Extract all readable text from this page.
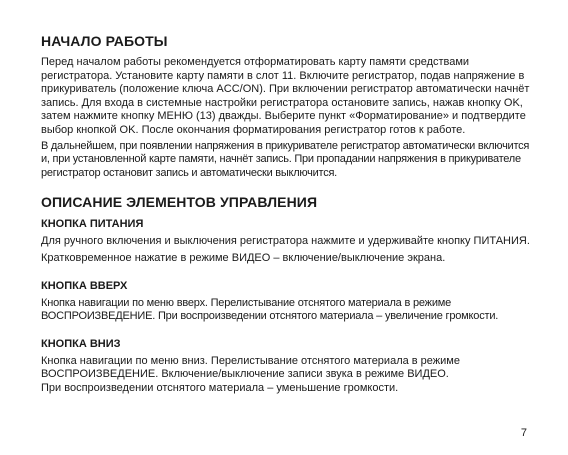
НАЧАЛО РАБОТЫ

Перед началом работы рекомендуется отформатировать карту памяти средствами регистратора. Установите карту памяти в слот 11. Включите регистратор, подав напряжение в прикуриватель (положение ключа ACC/ON). При включении регистратор автоматически начнёт запись. Для входа в системные настройки регистратора остановите запись, нажав кнопку OK, затем нажмите кнопку МЕНЮ (13) дважды. Выберите пункт «Форматирование» и подтвердите выбор кнопкой OK. После окончания форматирования регистратор готов к работе.

В дальнейшем, при появлении напряжения в прикуривателе регистратор автоматически включится и, при установленной карте памяти, начнёт запись. При пропадании напряжения в прикуривателе регистратор остановит запись и автоматически выключится.

ОПИСАНИЕ ЭЛЕМЕНТОВ УПРАВЛЕНИЯ
КНОПКА ПИТАНИЯ

Для ручного включения и выключения регистратора нажмите и удерживайте кнопку ПИТАНИЯ.

Кратковременное нажатие в режиме ВИДЕО – включение/выключение экрана.

КНОПКА ВВЕРХ

Кнопка навигации по меню вверх. Перелистывание отснятого материала в режиме ВОСПРОИЗВЕДЕНИЕ. При воспроизведении отснятого материала – увеличение громкости.

КНОПКА ВНИЗ

Кнопка навигации по меню вниз. Перелистывание отснятого материала в режиме ВОСПРОИЗВЕДЕНИЕ. Включение/выключение записи звука в режиме ВИДЕО.

При воспроизведении отснятого материала – уменьшение громкости.

7
